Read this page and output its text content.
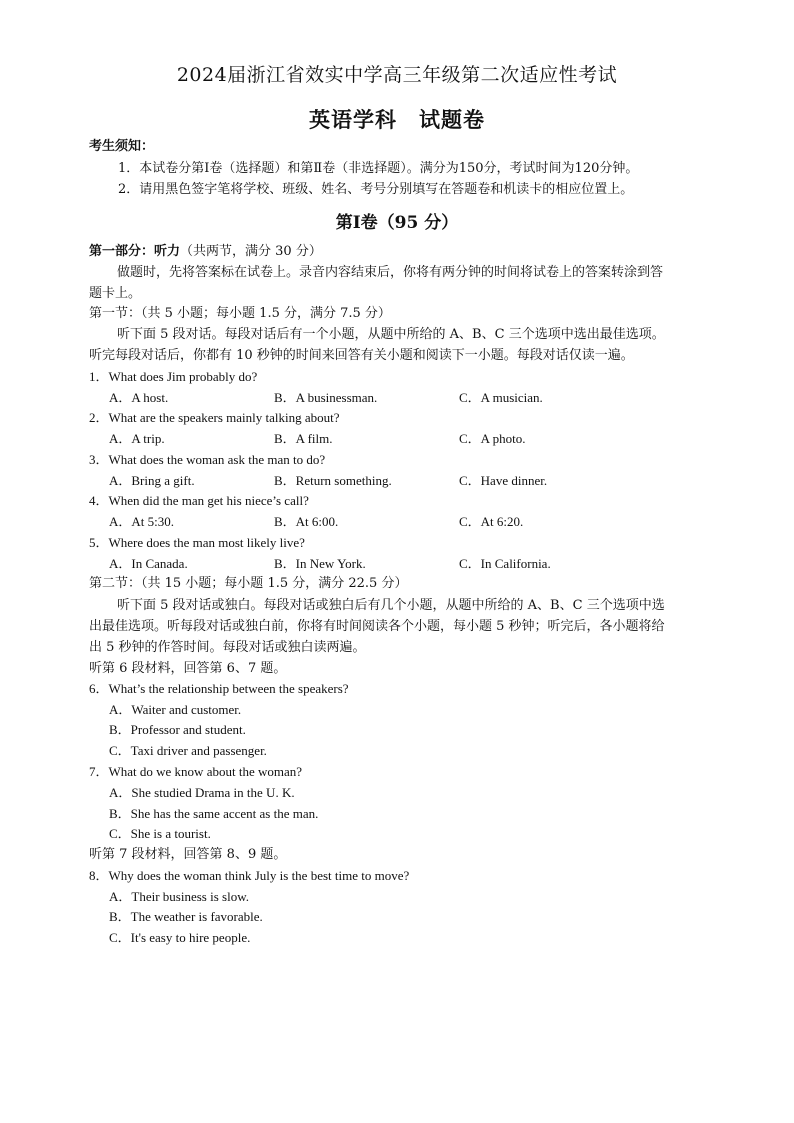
2024届浙江省效实中学高三年级第二次适应性考试
英语学科　试题卷
考生须知：
1．本试卷分第Ⅰ卷（选择题）和第Ⅱ卷（非选择题）。满分为150分，考试时间为120分钟。
2．请用黑色签字笔将学校、班级、姓名、考号分别填写在答题卷和机读卡的相应位置上。
第Ⅰ卷（95 分）
第一部分：听力（共两节，满分 30 分）
做题时，先将答案标在试卷上。录音内容结束后，你将有两分钟的时间将试卷上的答案转涂到答
题卡上。
第一节：（共 5 小题；每小题 1.5 分，满分 7.5 分）
听下面 5 段对话。每段对话后有一个小题，从题中所给的 A、B、C 三个选项中选出最佳选项。
听完每段对话后，你都有 10 秒钟的时间来回答有关小题和阅读下一小题。每段对话仅读一遍。
1．What does Jim probably do?
A．A host.	B．A businessman.	C．A musician.
2．What are the speakers mainly talking about?
A．A trip.	B．A film.	C．A photo.
3．What does the woman ask the man to do?
A．Bring a gift.	B．Return something.	C．Have dinner.
4．When did the man get his niece’s call?
A．At 5:30.	B．At 6:00.	C．At 6:20.
5．Where does the man most likely live?
A．In Canada.	B．In New York.	C．In California.
第二节：（共 15 小题；每小题 1.5 分，满分 22.5 分）
听下面 5 段对话或独白。每段对话或独白后有几个小题，从题中所给的 A、B、C 三个选项中选
出最佳选项。听每段对话或独白前，你将有时间阅读各个小题，每小题 5 秒钟；听完后，各小题将给
出 5 秒钟的作答时间。每段对话或独白读两遍。
听第 6 段材料，回答第 6、7 题。
6．What’s the relationship between the speakers?
A．Waiter and customer.
B．Professor and student.
C．Taxi driver and passenger.
7．What do we know about the woman?
A．She studied Drama in the U. K.
B．She has the same accent as the man.
C．She is a tourist.
听第 7 段材料，回答第 8、9 题。
8．Why does the woman think July is the best time to move?
A．Their business is slow.
B．The weather is favorable.
C．It's easy to hire people.
